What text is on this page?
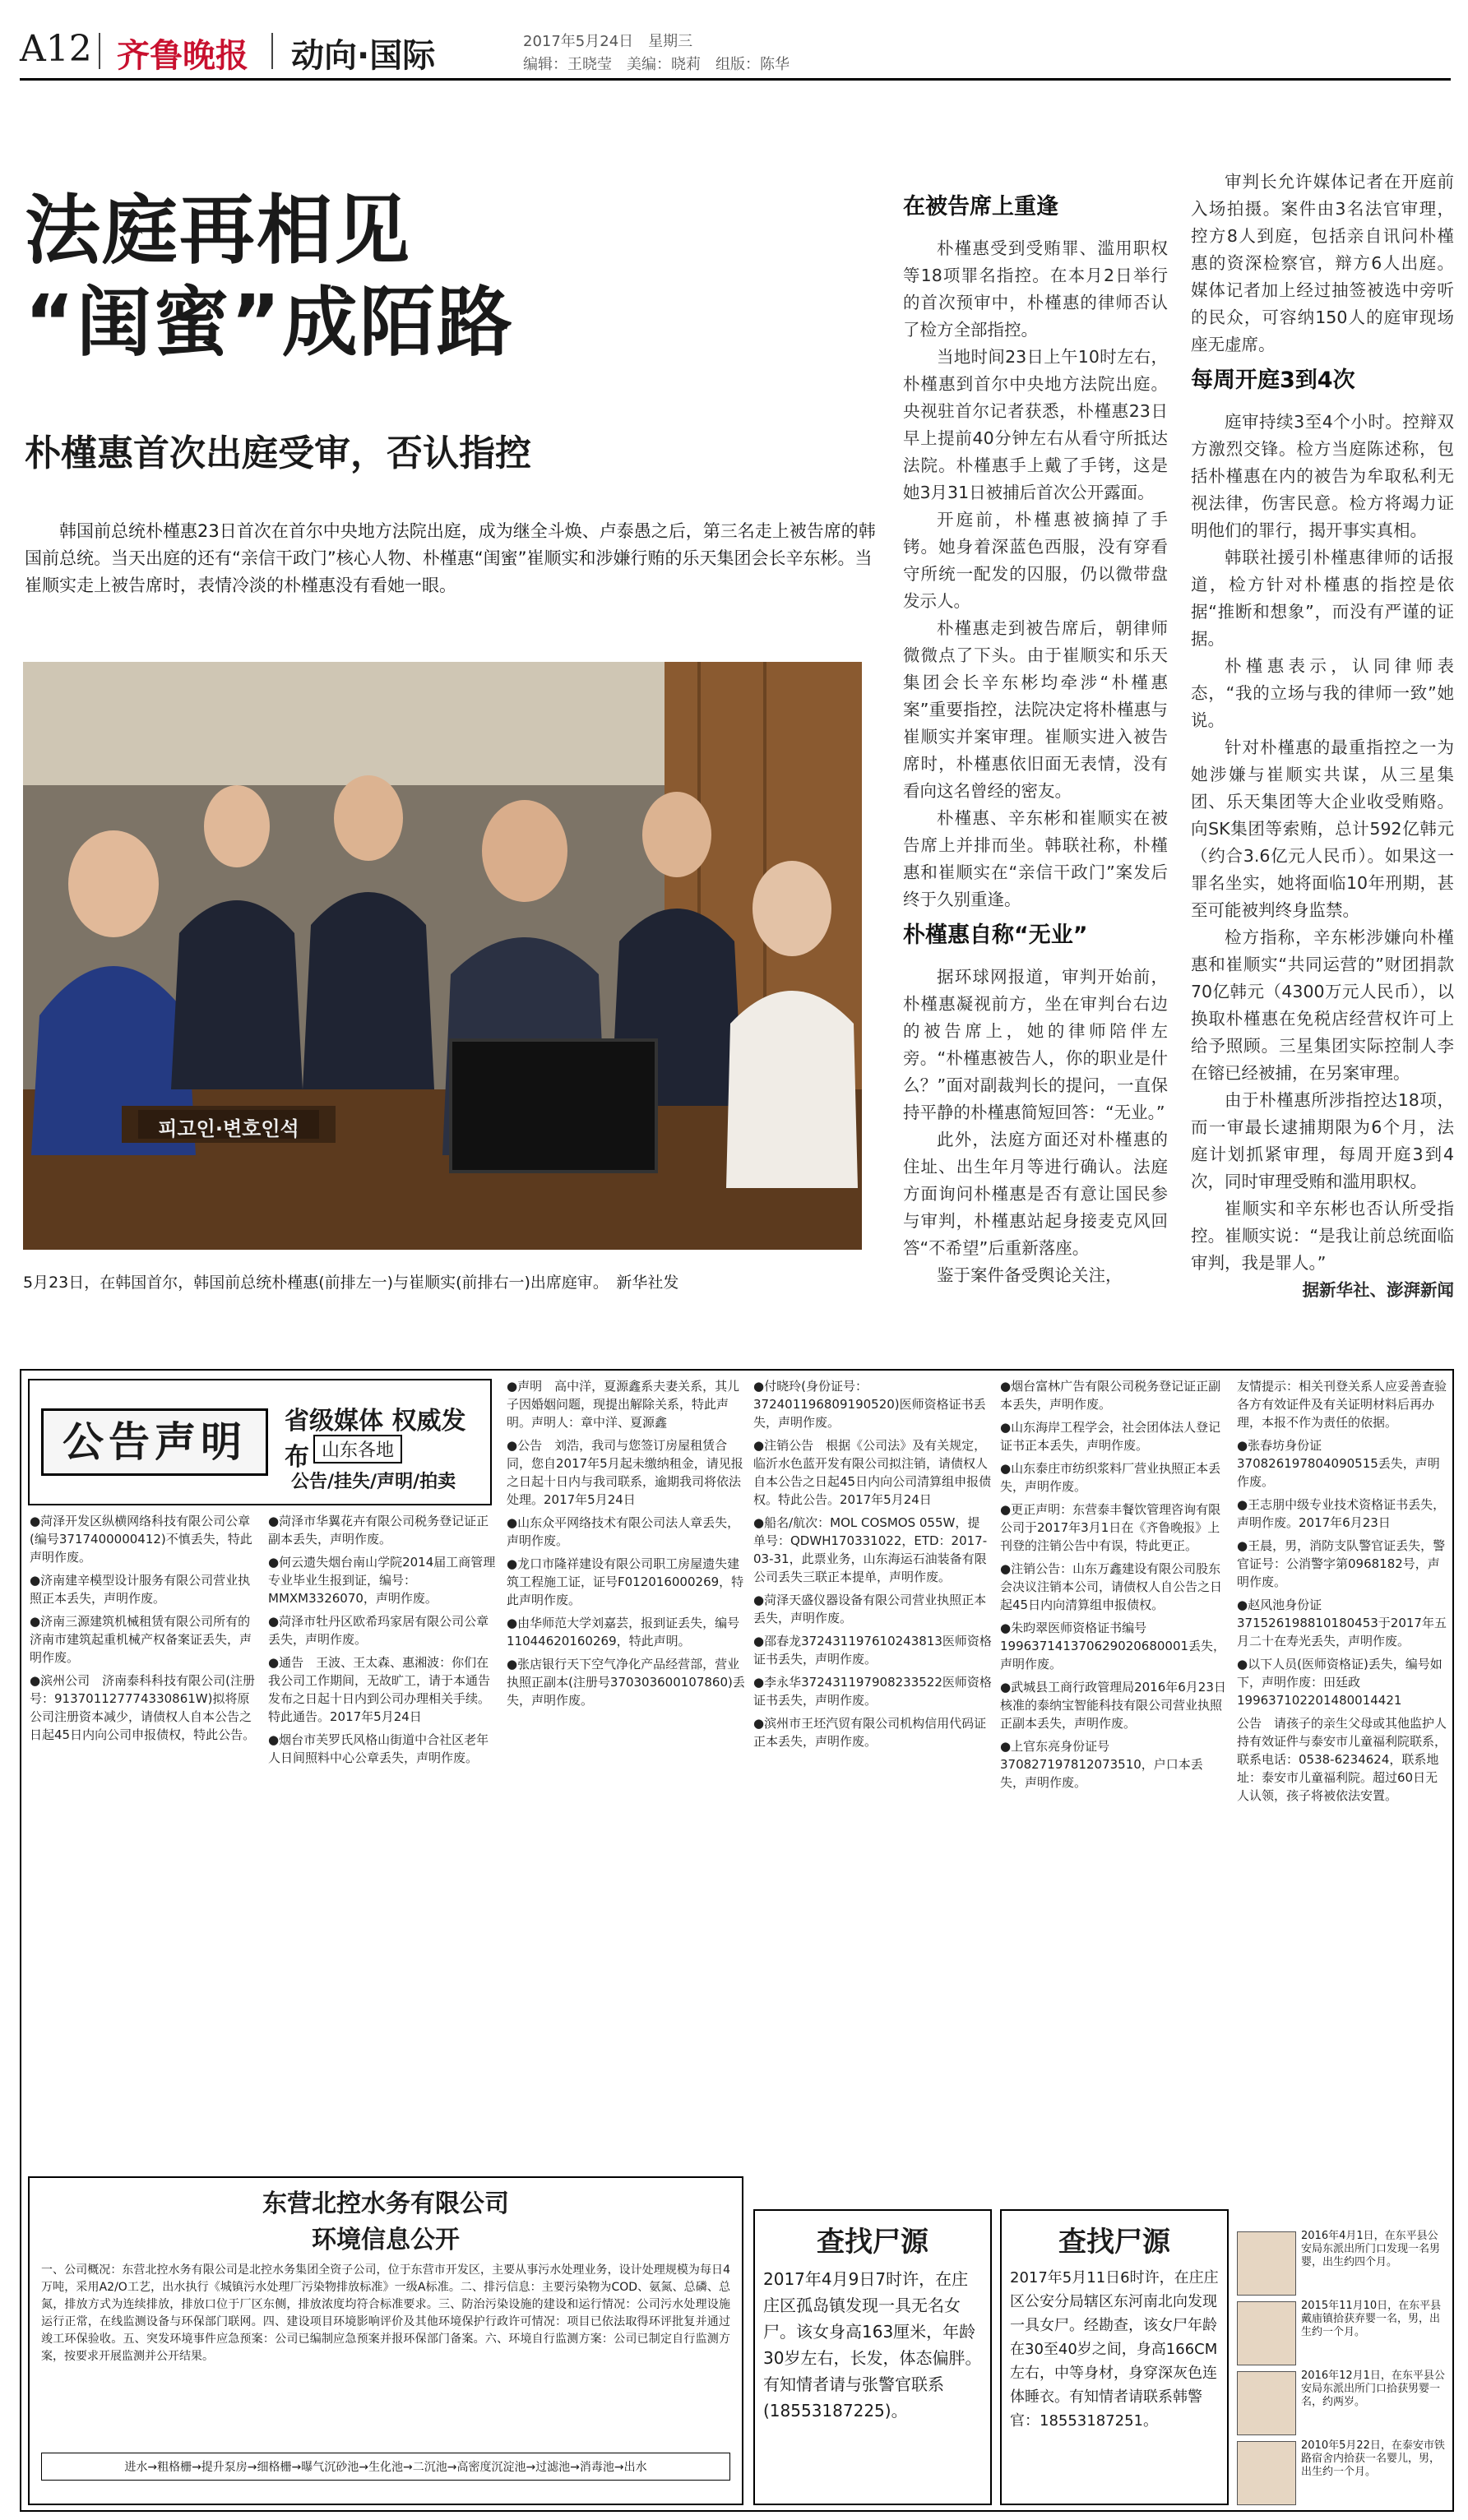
A12 齐鲁晚报 动向·国际	2017年5月24日　 星期三
编辑：王晓莹　美编：晓莉　组版：陈华
法庭再相见
“闺蜜”成陌路
朴槿惠首次出庭受审，否认指控
韩国前总统朴槿惠23日首次在首尔中央地方法院出庭，成为继全斗焕、卢泰愚之后，第三名走上被告席的韩国前总统。当天出庭的还有“亲信干政门”核心人物、朴槿惠“闺蜜”崔顺实和涉嫌行贿的乐天集团会长辛东彬。当崔顺实走上被告席时，表情冷淡的朴槿惠没有看她一眼。
피고인·변호인석
5月23日，在韩国首尔，韩国前总统朴槿惠(前排左一)与崔顺实(前排右一)出席庭审。　新华社发
在被告席上重逢

朴槿惠受到受贿罪、滥用职权等18项罪名指控。在本月2日举行的首次预审中，朴槿惠的律师否认了检方全部指控。

当地时间23日上午10时左右，朴槿惠到首尔中央地方法院出庭。央视驻首尔记者获悉，朴槿惠23日早上提前40分钟左右从看守所抵达法院。朴槿惠手上戴了手铐，这是她3月31日被捕后首次公开露面。

开庭前，朴槿惠被摘掉了手铐。她身着深蓝色西服，没有穿看守所统一配发的囚服，仍以微带盘发示人。

朴槿惠走到被告席后，朝律师微微点了下头。由于崔顺实和乐天集团会长辛东彬均牵涉“朴槿惠案”重要指控，法院决定将朴槿惠与崔顺实并案审理。崔顺实进入被告席时，朴槿惠依旧面无表情，没有看向这名曾经的密友。

朴槿惠、辛东彬和崔顺实在被告席上并排而坐。韩联社称，朴槿惠和崔顺实在“亲信干政门”案发后终于久别重逢。

朴槿惠自称“无业”

据环球网报道，审判开始前，朴槿惠凝视前方，坐在审判台右边的被告席上，她的律师陪伴左旁。“朴槿惠被告人，你的职业是什么？”面对副裁判长的提问，一直保持平静的朴槿惠简短回答：“无业。”

此外，法庭方面还对朴槿惠的住址、出生年月等进行确认。法庭方面询问朴槿惠是否有意让国民参与审判，朴槿惠站起身接麦克风回答“不希望”后重新落座。

鉴于案件备受舆论关注，

审判长允许媒体记者在开庭前入场拍摄。案件由3名法官审理，控方8人到庭，包括亲自讯问朴槿惠的资深检察官，辩方6人出庭。媒体记者加上经过抽签被选中旁听的民众，可容纳150人的庭审现场座无虚席。

每周开庭3到4次

庭审持续3至4个小时。控辩双方激烈交锋。检方当庭陈述称，包括朴槿惠在内的被告为牟取私利无视法律，伤害民意。检方将竭力证明他们的罪行，揭开事实真相。

韩联社援引朴槿惠律师的话报道，检方针对朴槿惠的指控是依据“推断和想象”，而没有严谨的证据。

朴槿惠表示，认同律师表态，“我的立场与我的律师一致”她说。

针对朴槿惠的最重指控之一为她涉嫌与崔顺实共谋，从三星集团、乐天集团等大企业收受贿赂。向SK集团等索贿，总计592亿韩元（约合3.6亿元人民币）。如果这一罪名坐实，她将面临10年刑期，甚至可能被判终身监禁。

检方指称，辛东彬涉嫌向朴槿惠和崔顺实“共同运营的”财团捐款70亿韩元（4300万元人民币），以换取朴槿惠在免税店经营权许可上给予照顾。三星集团实际控制人李在镕已经被捕，在另案审理。

由于朴槿惠所涉指控达18项，而一审最长逮捕期限为6个月，法庭计划抓紧审理，每周开庭3到4次，同时审理受贿和滥用职权。

崔顺实和辛东彬也否认所受指控。崔顺实说：“是我让前总统面临审判，我是罪人。”

据新华社、澎湃新闻

公告声明	省级媒体 权威发布 山东各地
公告/挂失/声明/拍卖

●菏泽开发区纵横网络科技有限公司公章(编号3717400000412)不慎丢失，特此声明作废。

●济南建辛模型设计服务有限公司营业执照正本丢失，声明作废。

●济南三源建筑机械租赁有限公司所有的济南市建筑起重机械产权备案证丢失，声明作废。

●滨州公司　济南泰科科技有限公司(注册号：913701127774330861W)拟将原公司注册资本减少，请债权人自本公告之日起45日内向公司申报债权，特此公告。

●菏泽市华翼花卉有限公司税务登记证正副本丢失，声明作废。

●何云遗失烟台南山学院2014届工商管理专业毕业生报到证，编号：MMXM3326070，声明作废。

●菏泽市牡丹区欧希玛家居有限公司公章丢失，声明作废。

●通告　王波、王太森、惠湘波：你们在我公司工作期间，无故旷工，请于本通告发布之日起十日内到公司办理相关手续。特此通告。2017年5月24日

●烟台市芙罗氏风格山街道中合社区老年人日间照料中心公章丢失，声明作废。

●声明　高中洋，夏源鑫系夫妻关系，其儿子因婚姻问题，现提出解除关系，特此声明。声明人：章中洋、夏源鑫

●公告　刘浩，我司与您签订房屋租赁合同，您自2017年5月起未缴纳租金，请见报之日起十日内与我司联系，逾期我司将依法处理。2017年5月24日

●山东众平网络技术有限公司法人章丢失，声明作废。

●龙口市隆祥建设有限公司职工房屋遗失建筑工程施工证，证号F012016000269，特此声明作废。

●由华师范大学刘嘉芸，报到证丢失，编号11044620160269，特此声明。

●张店银行天下空气净化产品经营部，营业执照正副本(注册号370303600107860)丢失，声明作废。

●付晓玲(身份证号：372401196809190520)医师资格证书丢失，声明作废。

●注销公告　根据《公司法》及有关规定，临沂水色蓝开发有限公司拟注销，请债权人自本公告之日起45日内向公司清算组申报债权。特此公告。2017年5月24日

●船名/航次：MOL COSMOS 055W，提单号：QDWH170331022，ETD：2017-03-31，此票业务，山东海运石油装备有限公司丢失三联正本提单，声明作废。

●菏泽天盛仪器设备有限公司营业执照正本丢失，声明作废。

●邵春龙372431197610243813医师资格证书丢失，声明作废。

●李永华372431197908233522医师资格证书丢失，声明作废。

●滨州市王坯汽贸有限公司机构信用代码证正本丢失，声明作废。

●烟台富林广告有限公司税务登记证正副本丢失，声明作废。

●山东海岸工程学会，社会团体法人登记证书正本丢失，声明作废。

●山东泰庄市纺织浆料厂营业执照正本丢失，声明作废。

●更正声明：东营泰丰餐饮管理咨询有限公司于2017年3月1日在《齐鲁晚报》上刊登的注销公告中有误，特此更正。

●注销公告：山东万鑫建设有限公司股东会决议注销本公司，请债权人自公告之日起45日内向清算组申报债权。

●朱昀翠医师资格证书编号199637141370629020680001丢失，声明作废。

●武城县工商行政管理局2016年6月23日核准的泰纳宝智能科技有限公司营业执照正副本丢失，声明作废。

●上官东亮身份证号370827197812073510，户口本丢失，声明作废。

友情提示：相关刊登关系人应妥善查验各方有效证件及有关证明材料后再办理，本报不作为责任的依据。

●张春坊身份证370826197804090515丢失，声明作废。

●王志朋中级专业技术资格证书丢失，声明作废。2017年6月23日

●王晨，男，消防支队警官证丢失，警官证号：公消警字第0968182号，声明作废。

●赵风池身份证371526198810180453于2017年五月二十在寿光丢失，声明作废。

●以下人员(医师资格证)丢失，编号如下，声明作废：田廷政199637102201480014421

公告　请孩子的亲生父母或其他监护人持有效证件与泰安市儿童福利院联系，联系电话：0538-6234624，联系地址：泰安市儿童福利院。超过60日无人认领，孩子将被依法安置。

2016年4月1日，在东平县公安局东派出所门口发现一名男婴，出生约四个月。
2015年11月10日，在东平县戴庙镇拾获弃婴一名，男，出生约一个月。
2016年12月1日，在东平县公安局东派出所门口拾获男婴一名，约两岁。
2010年5月22日，在泰安市铁路宿舍内拾获一名婴儿，男，出生约一个月。
东营北控水务有限公司
环境信息公开
一、公司概况：东营北控水务有限公司是北控水务集团全资子公司，位于东营市开发区，主要从事污水处理业务，设计处理规模为每日4万吨，采用A2/O工艺，出水执行《城镇污水处理厂污染物排放标准》一级A标准。二、排污信息：主要污染物为COD、氨氮、总磷、总氮，排放方式为连续排放，排放口位于厂区东侧，排放浓度均符合标准要求。三、防治污染设施的建设和运行情况：公司污水处理设施运行正常，在线监测设备与环保部门联网。四、建设项目环境影响评价及其他环境保护行政许可情况：项目已依法取得环评批复并通过竣工环保验收。五、突发环境事件应急预案：公司已编制应急预案并报环保部门备案。六、环境自行监测方案：公司已制定自行监测方案，按要求开展监测并公开结果。
进水→粗格栅→提升泵房→细格栅→曝气沉砂池→生化池→二沉池→高密度沉淀池→过滤池→消毒池→出水
查找尸源
2017年4月9日7时许，在庄庄区孤岛镇发现一具无名女尸。该女身高163厘米，年龄30岁左右，长发，体态偏胖。有知情者请与张警官联系(18553187225)。
查找尸源
2017年5月11日6时许，在庄庄区公安分局辖区东河南北向发现一具女尸。经勘查，该女尸年龄在30至40岁之间，身高166CM左右，中等身材，身穿深灰色连体睡衣。有知情者请联系韩警官：18553187251。
